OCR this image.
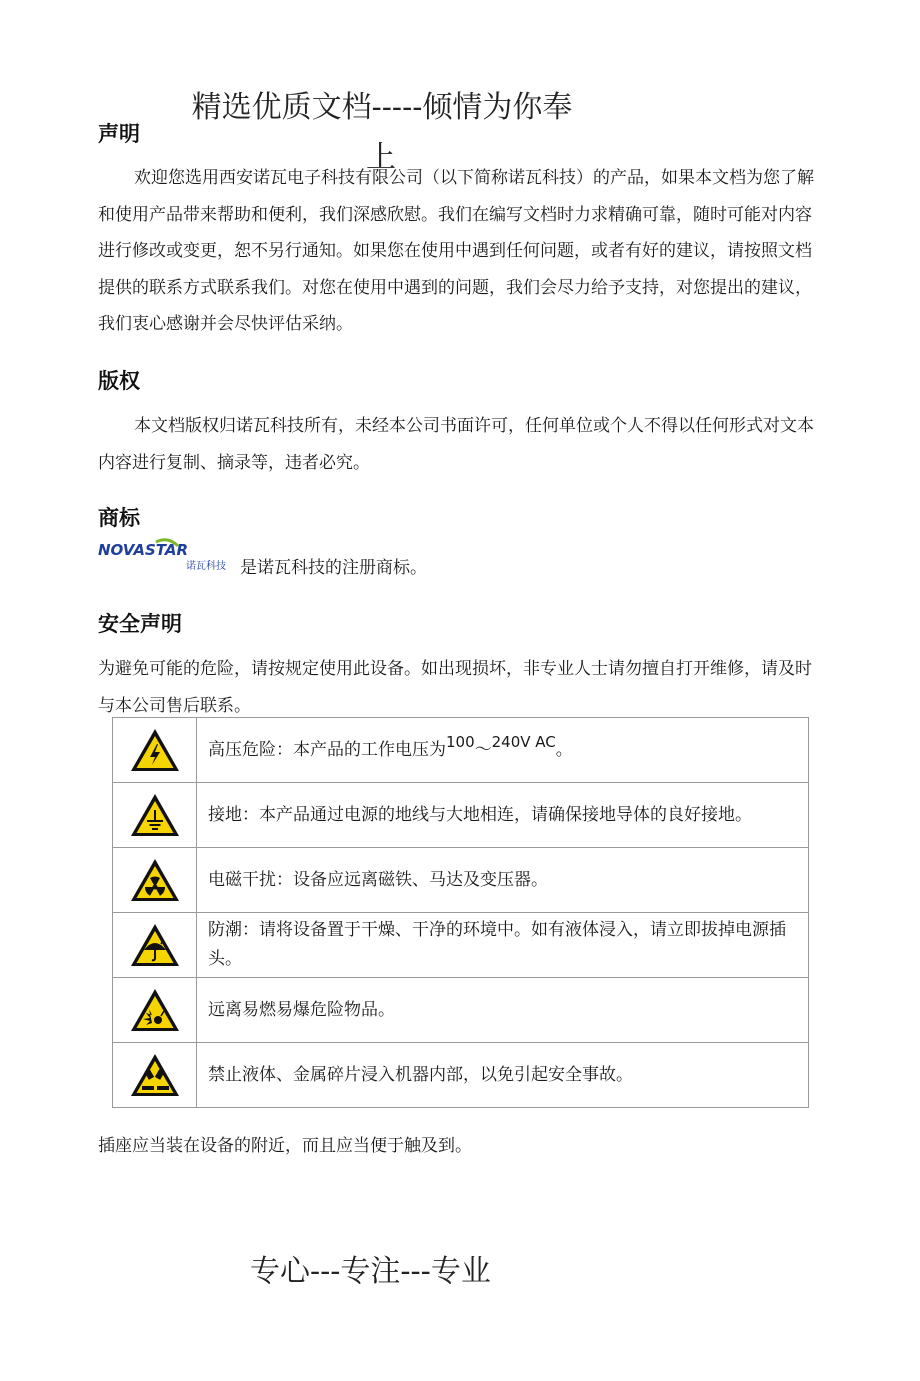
精选优质文档-----倾情为你奉
上
声明

欢迎您选用西安诺瓦电子科技有限公司（以下简称诺瓦科技）的产品，如果本文档为您了解和使用产品带来帮助和便利，我们深感欣慰。我们在编写文档时力求精确可靠，随时可能对内容进行修改或变更，恕不另行通知。如果您在使用中遇到任何问题，或者有好的建议，请按照文档提供的联系方式联系我们。对您在使用中遇到的问题，我们会尽力给予支持，对您提出的建议，我们衷心感谢并会尽快评估采纳。

版权

本文档版权归诺瓦科技所有，未经本公司书面许可，任何单位或个人不得以任何形式对文本内容进行复制、摘录等，违者必究。

商标
NOVASTAR
诺瓦科技 是诺瓦科技的注册商标。
安全声明

为避免可能的危险，请按规定使用此设备。如出现损坏，非专业人士请勿擅自打开维修，请及时与本公司售后联系。

	高压危险：本产品的工作电压为100～240V AC。

	接地：本产品通过电源的地线与大地相连，请确保接地导体的良好接地。

	电磁干扰：设备应远离磁铁、马达及变压器。

	防潮：请将设备置于干燥、干净的环境中。如有液体浸入，请立即拔掉电源插头。

	远离易燃易爆危险物品。

	禁止液体、金属碎片浸入机器内部，以免引起安全事故。

插座应当装在设备的附近，而且应当便于触及到。

专心---专注---专业
